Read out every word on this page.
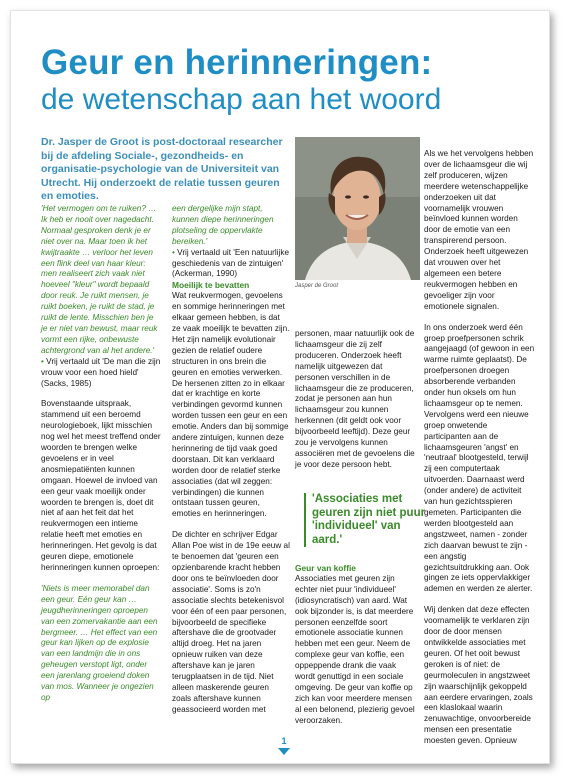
Geur en herinneringen:
de wetenschap aan het woord
Dr. Jasper de Groot is post-doctoraal researcher bij de afdeling Sociale-, gezondheids- en organisatie-psychologie van de Universiteit van Utrecht. Hij onderzoekt de relatie tussen geuren en emoties.
Jasper de Groot

'Het vermogen om te ruiken? … Ik heb er nooit over nagedacht. Normaal gesproken denk je er niet over na. Maar toen ik het kwijtraakte … verloor het leven een flink deel van haar kleur: men realiseert zich vaak niet hoeveel "kleur" wordt bepaald door reuk. Je ruikt mensen, je ruikt boeken, je ruikt de stad, je ruikt de lente. Misschien ben je je er niet van bewust, maar reuk vormt een rijke, onbewuste achtergrond van al het andere.'

• Vrij vertaald uit 'De man die zijn vrouw voor een hoed hield' (Sacks, 1985)

Bovenstaande uitspraak, stammend uit een beroemd neurologieboek, lijkt misschien nog wel het meest treffend onder woorden te brengen welke gevoelens er in veel anosmiepatiënten kunnen omgaan. Hoewel de invloed van een geur vaak moeilijk onder woorden te brengen is, doet dit niet af aan het feit dat het reukvermogen een intieme relatie heeft met emoties en herinneringen. Het gevolg is dat geuren diepe, emotionele herinneringen kunnen oproepen:

'Niets is meer memorabel dan een geur. Eén geur kan … jeugdherinneringen oproepen van een zomervakantie aan een bergmeer. … Het effect van een geur kan lijken op de explosie van een landmijn die in ons geheugen verstopt ligt, onder een jarenlang groeiend doken van mos. Wanneer je ongezien op

een dergelijke mijn stapt, kunnen diepe herinneringen plotseling de oppervlakte bereiken.'

• Vrij vertaald uit 'Een natuurlijke geschiedenis van de zintuigen' (Ackerman, 1990)

Moeilijk te bevatten

Wat reukvermogen, gevoelens en sommige herinneringen met elkaar gemeen hebben, is dat ze vaak moeilijk te bevatten zijn. Het zijn namelijk evolutionair gezien de relatief oudere structuren in ons brein die geuren en emoties verwerken. De hersenen zitten zo in elkaar dat er krachtige en korte verbindingen gevormd kunnen worden tussen een geur en een emotie. Anders dan bij sommige andere zintuigen, kunnen deze herinnering de tijd vaak goed doorstaan. Dit kan verklaard worden door de relatief sterke associaties (dat wil zeggen: verbindingen) die kunnen ontstaan tussen geuren, emoties en herinneringen.

De dichter en schrijver Edgar Allan Poe wist in de 19e eeuw al te benoemen dat 'geuren een opzienbarende kracht hebben door ons te beïnvloeden door associatie'. Soms is zo'n associatie slechts betekenisvol voor één of een paar personen, bijvoorbeeld de specifieke aftershave die de grootvader altijd droeg. Het na jaren opnieuw ruiken van deze aftershave kan je jaren terugplaatsen in de tijd. Niet alleen maskerende geuren zoals aftershave kunnen geassocieerd worden met

personen, maar natuurlijk ook de lichaamsgeur die zij zelf produceren. Onderzoek heeft namelijk uitgewezen dat personen verschillen in de lichaamsgeur die ze produceren, zodat je personen aan hun lichaamsgeur zou kunnen herkennen (dit geldt ook voor bijvoorbeeld leeftijd). Deze geur zou je vervolgens kunnen associëren met de gevoelens die je voor deze persoon hebt.

'Associaties met geuren zijn niet puur 'individueel' van aard.'

Geur van koffie

Associaties met geuren zijn echter niet puur 'individueel' (idiosyncratisch) van aard. Wat ook bijzonder is, is dat meerdere personen eenzelfde soort emotionele associatie kunnen hebben met een geur. Neem de complexe geur van koffie, een oppeppende drank die vaak wordt genuttigd in een sociale omgeving. De geur van koffie op zich kan voor meerdere mensen al een belonend, plezierig gevoel veroorzaken.

Als we het vervolgens hebben over de lichaamsgeur die wij zelf produceren, wijzen meerdere wetenschappelijke onderzoeken uit dat voornamelijk vrouwen beïnvloed kunnen worden door de emotie van een transpirerend persoon. Onderzoek heeft uitgewezen dat vrouwen over het algemeen een betere reukvermogen hebben en gevoeliger zijn voor emotionele signalen.

In ons onderzoek werd één groep proefpersonen schrik aangejaagd (of gewoon in een warme ruimte geplaatst). De proefpersonen droegen absorberende verbanden onder hun oksels om hun lichaamsgeur op te nemen. Vervolgens werd een nieuwe groep onwetende participanten aan de lichaamsgeuren 'angst' en 'neutraal' blootgesteld, terwijl zij een computertaak uitvoerden. Daarnaast werd (onder andere) de activiteit van hun gezichtsspieren gemeten. Participanten die werden blootgesteld aan angstzweet, namen - zonder zich daarvan bewust te zijn - een angstig gezichtsuitdrukking aan. Ook gingen ze iets oppervlakkiger ademen en werden ze alerter.

Wij denken dat deze effecten voornamelijk te verklaren zijn door de door mensen ontwikkelde associaties met geuren. Of het ooit bewust geroken is of niet: de geurmoleculen in angstzweet zijn waarschijnlijk gekoppeld aan eerdere ervaringen, zoals een klaslokaal waarin zenuwachtige, onvoorbereide mensen een presentatie moesten geven. Opnieuw

1
